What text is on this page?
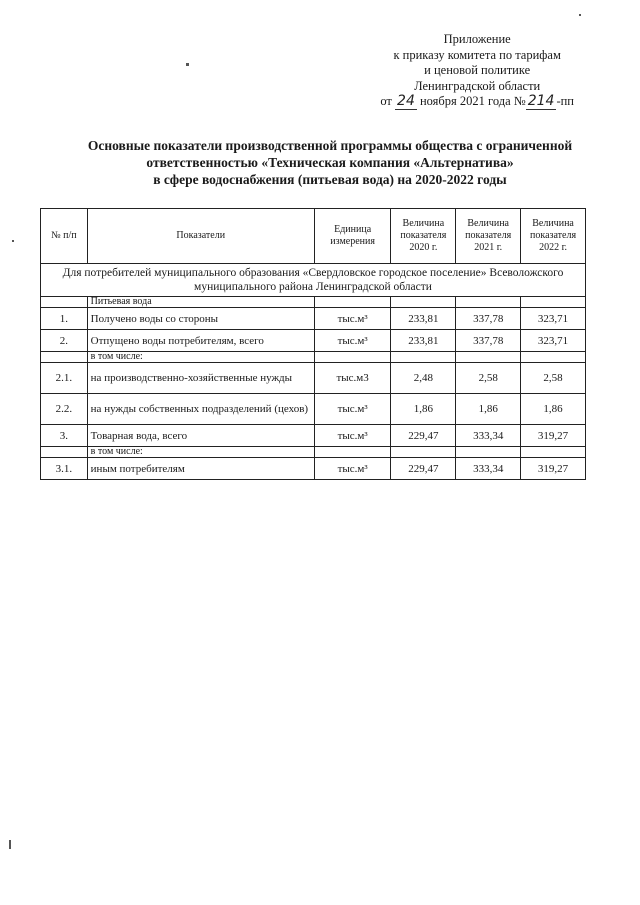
Приложение
к приказу комитета по тарифам
и ценовой политике
Ленинградской области
от 24 ноября 2021 года № 214 -пп
Основные показатели производственной программы общества с ограниченной
ответственностью «Техническая компания «Альтернатива»
в сфере водоснабжения (питьевая вода) на 2020-2022 годы
№ п/п	Показатели	Единица измерения	Величина показателя 2020 г.	Величина показателя 2021 г.	Величина показателя 2022 г.
Для потребителей муниципального образования «Свердловское городское поселение» Всеволожского муниципального района Ленинградской области					
	Питьевая вода				
1.	Получено воды со стороны	тыс.м³	233,81	337,78	323,71
2.	Отпущено воды потребителям, всего	тыс.м³	233,81	337,78	323,71
	в том числе:				
2.1.	на производственно-хозяйственные нужды	тыс.м3	2,48	2,58	2,58
2.2.	на нужды собственных подразделений (цехов)	тыс.м³	1,86	1,86	1,86
3.	Товарная вода, всего	тыс.м³	229,47	333,34	319,27
	в том числе:				
3.1.	иным потребителям	тыс.м³	229,47	333,34	319,27
